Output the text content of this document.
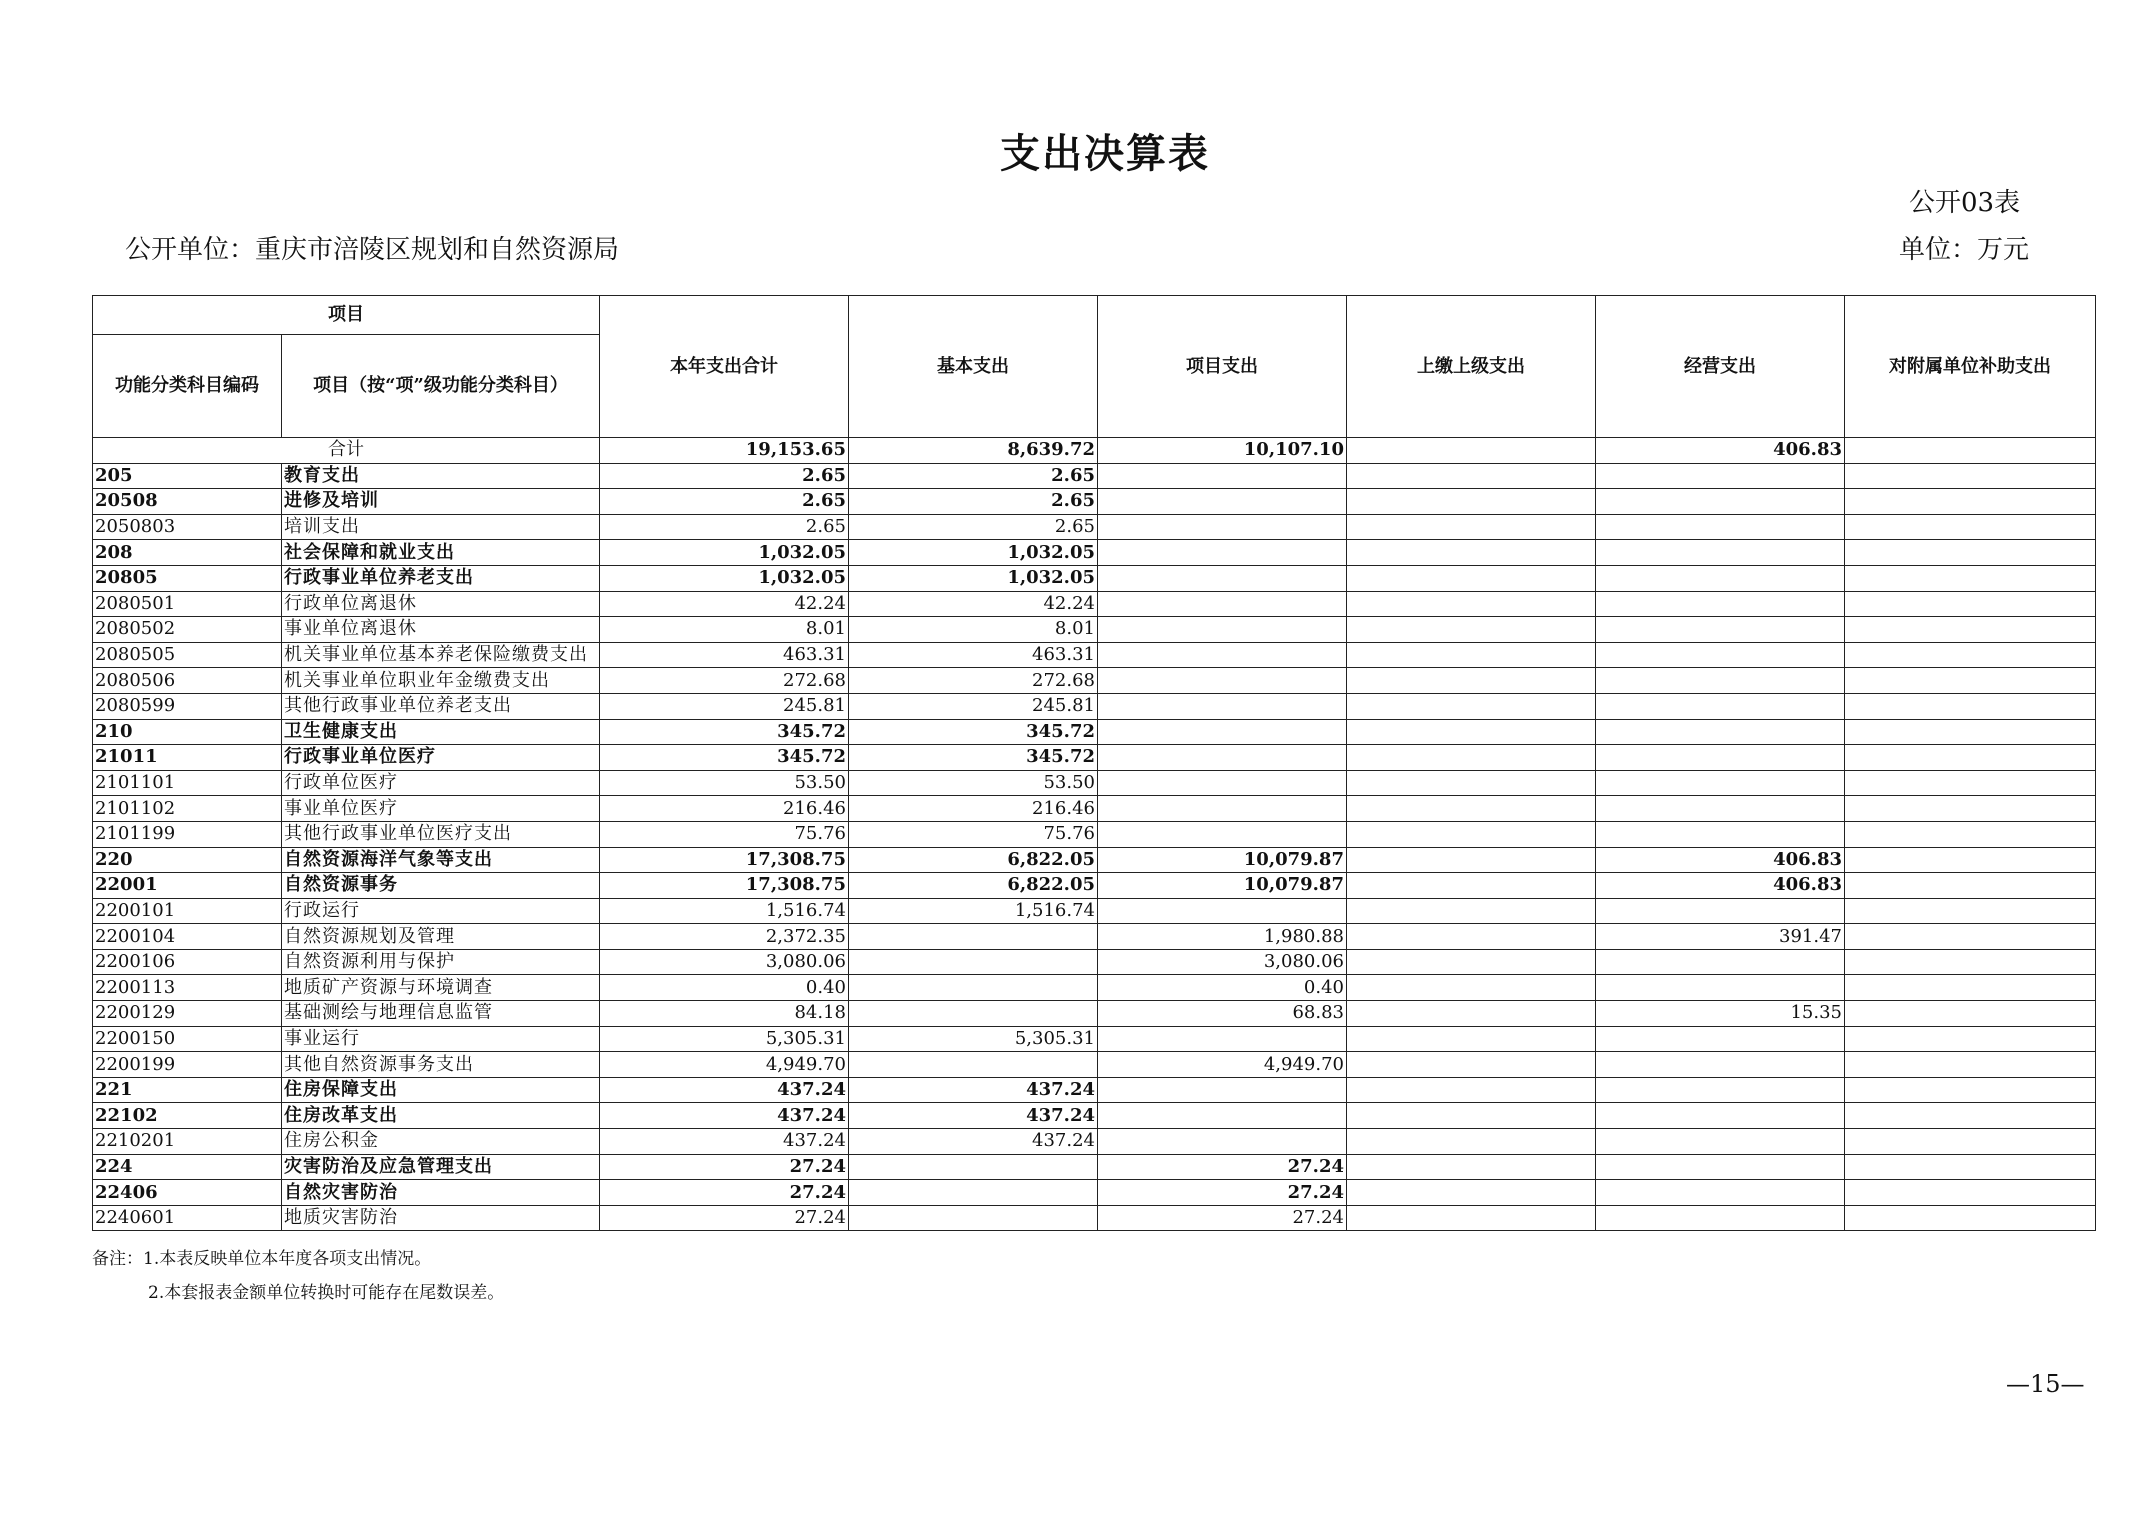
支出决算表
公开03表
公开单位：重庆市涪陵区规划和自然资源局	单位：万元
项目		本年支出合计	基本支出	项目支出	上缴上级支出	经营支出	对附属单位补助支出
功能分类科目编码	项目（按“项”级功能分类科目）						
合计		19,153.65	8,639.72	10,107.10		406.83	
205	教育支出	2.65	2.65				
20508	进修及培训	2.65	2.65				
2050803	培训支出	2.65	2.65				
208	社会保障和就业支出	1,032.05	1,032.05				
20805	行政事业单位养老支出	1,032.05	1,032.05				
2080501	行政单位离退休	42.24	42.24				
2080502	事业单位离退休	8.01	8.01				
2080505	机关事业单位基本养老保险缴费支出	463.31	463.31				
2080506	机关事业单位职业年金缴费支出	272.68	272.68				
2080599	其他行政事业单位养老支出	245.81	245.81				
210	卫生健康支出	345.72	345.72				
21011	行政事业单位医疗	345.72	345.72				
2101101	行政单位医疗	53.50	53.50				
2101102	事业单位医疗	216.46	216.46				
2101199	其他行政事业单位医疗支出	75.76	75.76				
220	自然资源海洋气象等支出	17,308.75	6,822.05	10,079.87		406.83	
22001	自然资源事务	17,308.75	6,822.05	10,079.87		406.83	
2200101	行政运行	1,516.74	1,516.74				
2200104	自然资源规划及管理	2,372.35		1,980.88		391.47	
2200106	自然资源利用与保护	3,080.06		3,080.06			
2200113	地质矿产资源与环境调查	0.40		0.40			
2200129	基础测绘与地理信息监管	84.18		68.83		15.35	
2200150	事业运行	5,305.31	5,305.31				
2200199	其他自然资源事务支出	4,949.70		4,949.70			
221	住房保障支出	437.24	437.24				
22102	住房改革支出	437.24	437.24				
2210201	住房公积金	437.24	437.24				
224	灾害防治及应急管理支出	27.24		27.24			
22406	自然灾害防治	27.24		27.24			
2240601	地质灾害防治	27.24		27.24			
备注：1.本表反映单位本年度各项支出情况。
2.本套报表金额单位转换时可能存在尾数误差。
—15—
